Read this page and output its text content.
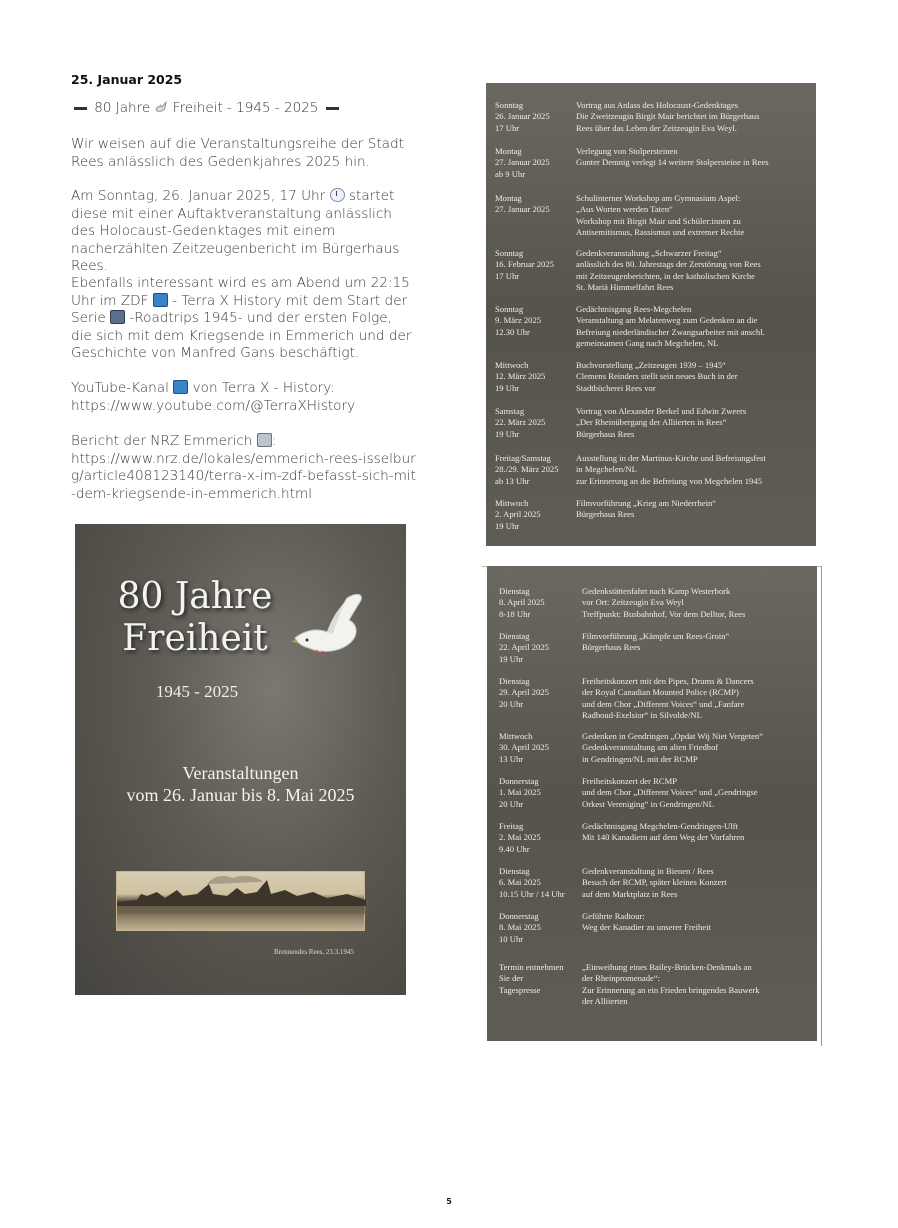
25. Januar 2025
80 Jahre Freiheit - 1945 - 2025
Wir weisen auf die Veranstaltungsreihe der Stadt Rees anlässlich des Gedenkjahres 2025 hin.
Am Sonntag, 26. Januar 2025, 17 Uhr startet diese mit einer Auftaktveranstaltung anlässlich des Holocaust-Gedenktages mit einem nacherzählten Zeitzeugenbericht im Bürgerhaus Rees.
Ebenfalls interessant wird es am Abend um 22:15 Uhr im ZDF - Terra X History mit dem Start der Serie -Roadtrips 1945- und der ersten Folge, die sich mit dem Kriegsende in Emmerich und der Geschichte von Manfred Gans beschäftigt.
YouTube-Kanal von Terra X - History:
https://www.youtube.com/@TerraXHistory
Bericht der NRZ Emmerich :
https://www.nrz.de/lokales/emmerich-rees-isselburg/article408123140/terra-x-im-zdf-befasst-sich-mit-dem-kriegsende-in-emmerich.html
80 Jahre
Freiheit
1945 - 2025
Veranstaltungen
vom 26. Januar bis 8. Mai 2025
Brennendes Rees, 23.3.1945
Sonntag
26. Januar 2025
17 Uhr
Vortrag aus Anlass des Holocaust-Gedenktages
Die Zweitzeugin Birgit Mair berichtet im Bürgerhaus
Rees über das Leben der Zeitzeugin Eva Weyl.
Montag
27. Januar 2025
ab 9 Uhr
Verlegung von Stolpersteinen
Gunter Demnig verlegt 14 weitere Stolpersteine in Rees
Montag
27. Januar 2025
Schulinterner Workshop am Gymnasium Aspel:
„Aus Worten werden Taten“
Workshop mit Birgit Mair und Schüler:innen zu
Antisemitismus, Rassismus und extremer Rechte
Sonntag
16. Februar 2025
17 Uhr
Gedenkveranstaltung „Schwarzer Freitag“
anlässlich des 80. Jahrestags der Zerstörung von Rees
mit Zeitzeugenberichten, in der katholischen Kirche
St. Mariä Himmelfahrt Rees
Sonntag
9. März 2025
12.30 Uhr
Gedächtnisgang Rees-Megchelen
Veranstaltung am Melatenweg zum Gedenken an die
Befreiung niederländischer Zwangsarbeiter mit anschl.
gemeinsamen Gang nach Megchelen, NL
Mittwoch
12. März 2025
19 Uhr
Buchvorstellung „Zeitzeugen 1939 – 1945“
Clemens Reinders stellt sein neues Buch in der
Stadtbücherei Rees vor
Samstag
22. März 2025
19 Uhr
Vortrag von Alexander Berkel und Edwin Zweers
„Der Rheinübergang der Alliierten in Rees“
Bürgerhaus Rees
Freitag/Samstag
28./29. März 2025
ab 13 Uhr
Ausstellung in der Martinus-Kirche und Befreiungsfest
in Megchelen/NL
zur Erinnerung an die Befreiung von Megchelen 1945
Mittwoch
2. April 2025
19 Uhr
Filmvorführung „Krieg am Niederrhein“
Bürgerhaus Rees
Dienstag
8. April 2025
8-18 Uhr
Gedenkstättenfahrt nach Kamp Westerbork
vor Ort: Zeitzeugin Eva Weyl
Treffpunkt: Busbahnhof, Vor dem Delltor, Rees
Dienstag
22. April 2025
19 Uhr
Filmvorführung „Kämpfe um Rees-Groin“
Bürgerhaus Rees
Dienstag
29. April 2025
20 Uhr
Freiheitskonzert mit den Pipes, Drums & Dancers
der Royal Canadian Mounted Police (RCMP)
und dem Chor „Different Voices“ und „Fanfare
Radboud-Exelsior“ in Silvolde/NL
Mittwoch
30. April 2025
13 Uhr
Gedenken in Gendringen „Opdat Wij Niet Vergeten“
Gedenkveranstaltung am alten Friedhof
in Gendringen/NL mit der RCMP
Donnerstag
1. Mai 2025
20 Uhr
Freiheitskonzert der RCMP
und dem Chor „Different Voices“ und „Gendringse
Orkest Vereniging“ in Gendringen/NL
Freitag
2. Mai 2025
9.40 Uhr
Gedächtnisgang Megchelen-Gendringen-Ulft
Mit 140 Kanadiern auf dem Weg der Vorfahren
Dienstag
6. Mai 2025
10.15 Uhr / 14 Uhr
Gedenkveranstaltung in Bienen / Rees
Besuch der RCMP, später kleines Konzert
auf dem Marktplatz in Rees
Donnerstag
8. Mai 2025
10 Uhr
Geführte Radtour:
Weg der Kanadier zu unserer Freiheit
Termin entnehmen
Sie der
Tagespresse
„Einweihung eines Bailey-Brücken-Denkmals an
der Rheinpromenade“:
Zur Erinnerung an ein Frieden bringendes Bauwerk
der Alliierten
5
